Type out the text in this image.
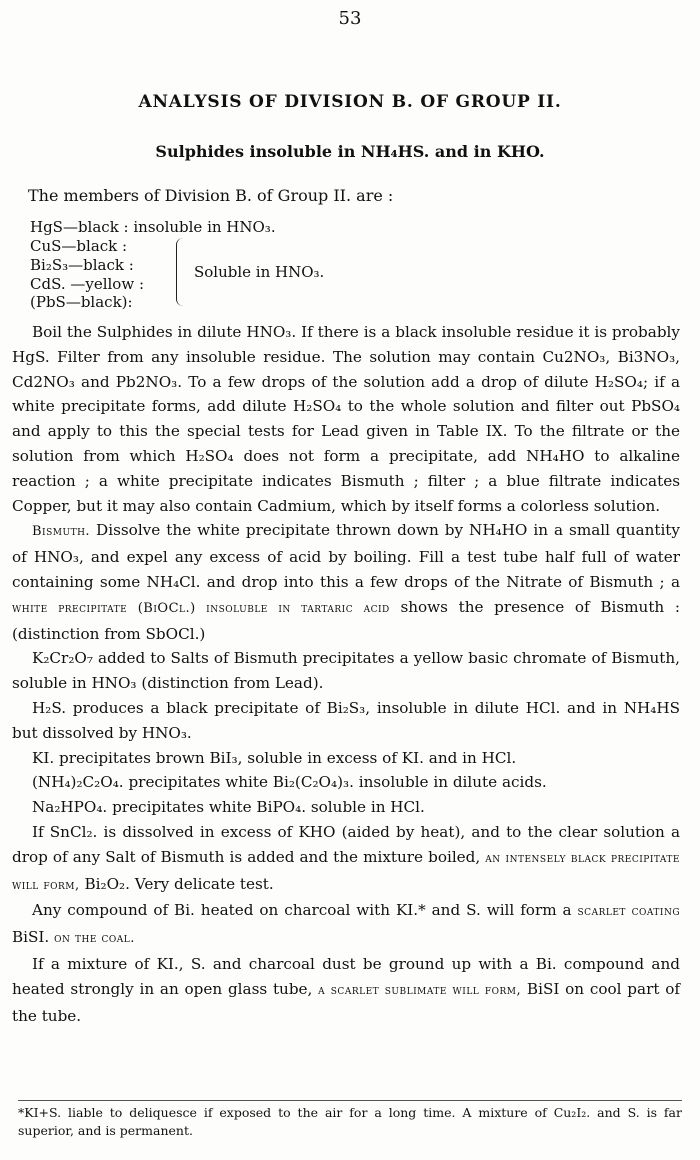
53
ANALYSIS OF DIVISION B. OF GROUP II.
Sulphides insoluble in NH₄HS. and in KHO.
The members of Division B. of Group II. are :
HgS—black : insoluble in HNO₃.
CuS—black :
Bi₂S₃—black :
CdS. —yellow :
(PbS—black):
Soluble in HNO₃.

Boil the Sulphides in dilute HNO₃. If there is a black insoluble residue it is probably HgS. Filter from any insoluble residue. The solution may contain Cu2NO₃, Bi3NO₃, Cd2NO₃ and Pb2NO₃. To a few drops of the solution add a drop of dilute H₂SO₄; if a white precipitate forms, add dilute H₂SO₄ to the whole solution and filter out PbSO₄ and apply to this the special tests for Lead given in Table IX. To the filtrate or the solution from which H₂SO₄ does not form a precipitate, add NH₄HO to alkaline reaction ; a white precipitate indicates Bismuth ; filter ; a blue filtrate indicates Copper, but it may also contain Cadmium, which by itself forms a colorless solution.

Bismuth. Dissolve the white precipitate thrown down by NH₄HO in a small quantity of HNO₃, and expel any excess of acid by boiling. Fill a test tube half full of water containing some NH₄Cl. and drop into this a few drops of the Nitrate of Bismuth ; a white precipitate (BiOCl.) insoluble in tartaric acid shows the presence of Bismuth : (distinction from SbOCl.)

K₂Cr₂O₇ added to Salts of Bismuth precipitates a yellow basic chromate of Bismuth, soluble in HNO₃ (distinction from Lead).

H₂S. produces a black precipitate of Bi₂S₃, insoluble in dilute HCl. and in NH₄HS but dissolved by HNO₃.

KI. precipitates brown BiI₃, soluble in excess of KI. and in HCl.

(NH₄)₂C₂O₄. precipitates white Bi₂(C₂O₄)₃. insoluble in dilute acids.

Na₂HPO₄. precipitates white BiPO₄. soluble in HCl.

If SnCl₂. is dissolved in excess of KHO (aided by heat), and to the clear solution a drop of any Salt of Bismuth is added and the mixture boiled, an intensely black precipitate will form, Bi₂O₂. Very delicate test.

Any compound of Bi. heated on charcoal with KI.* and S. will form a scarlet coating BiSI. on the coal.

If a mixture of KI., S. and charcoal dust be ground up with a Bi. compound and heated strongly in an open glass tube, a scarlet sublimate will form, BiSI on cool part of the tube.

*KI+S. liable to deliquesce if exposed to the air for a long time. A mixture of Cu₂I₂. and S. is far superior, and is permanent.
